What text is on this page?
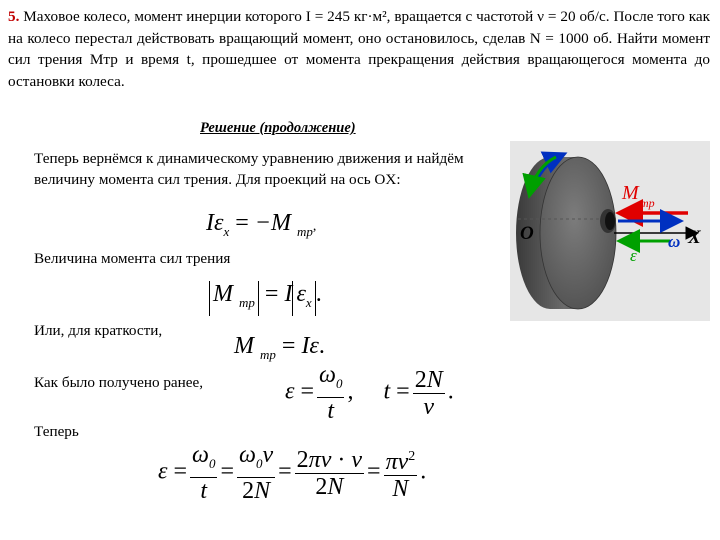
5. Маховое колесо, момент инерции которого I = 245 кг·м², вращается с частотой ν = 20 об/с. После того как на колесо перестал действовать вращающий момент, оно остановилось, сделав N = 1000 об. Найти момент сил трения Mтр и время t, прошедшее от момента прекращения действия вращающегося момента до остановки колеса.
Решение (продолжение)
Теперь вернёмся к динамическому уравнению движения и найдём величину момента сил трения. Для проекций на ось OX:
$I\varepsilon_x = -M$ $_{тр}$,
Величина момента сил трения
M $_{тр}$ = I $\varepsilon_x$ .
Или, для краткости,
M $_{тр}$ = Iε.
Как было получено ранее,	$\varepsilon = \frac{\omega_0}{t}$ ,     $t = \frac{2N}{\nu}$ .
Теперь
$\varepsilon = \frac{\omega_0}{t} = \frac{\omega_0\nu}{2N} = \frac{2\pi\nu \cdot \nu}{2N} = \frac{\pi\nu^2}{N}$ .
O	X
M тр
ω
ε
